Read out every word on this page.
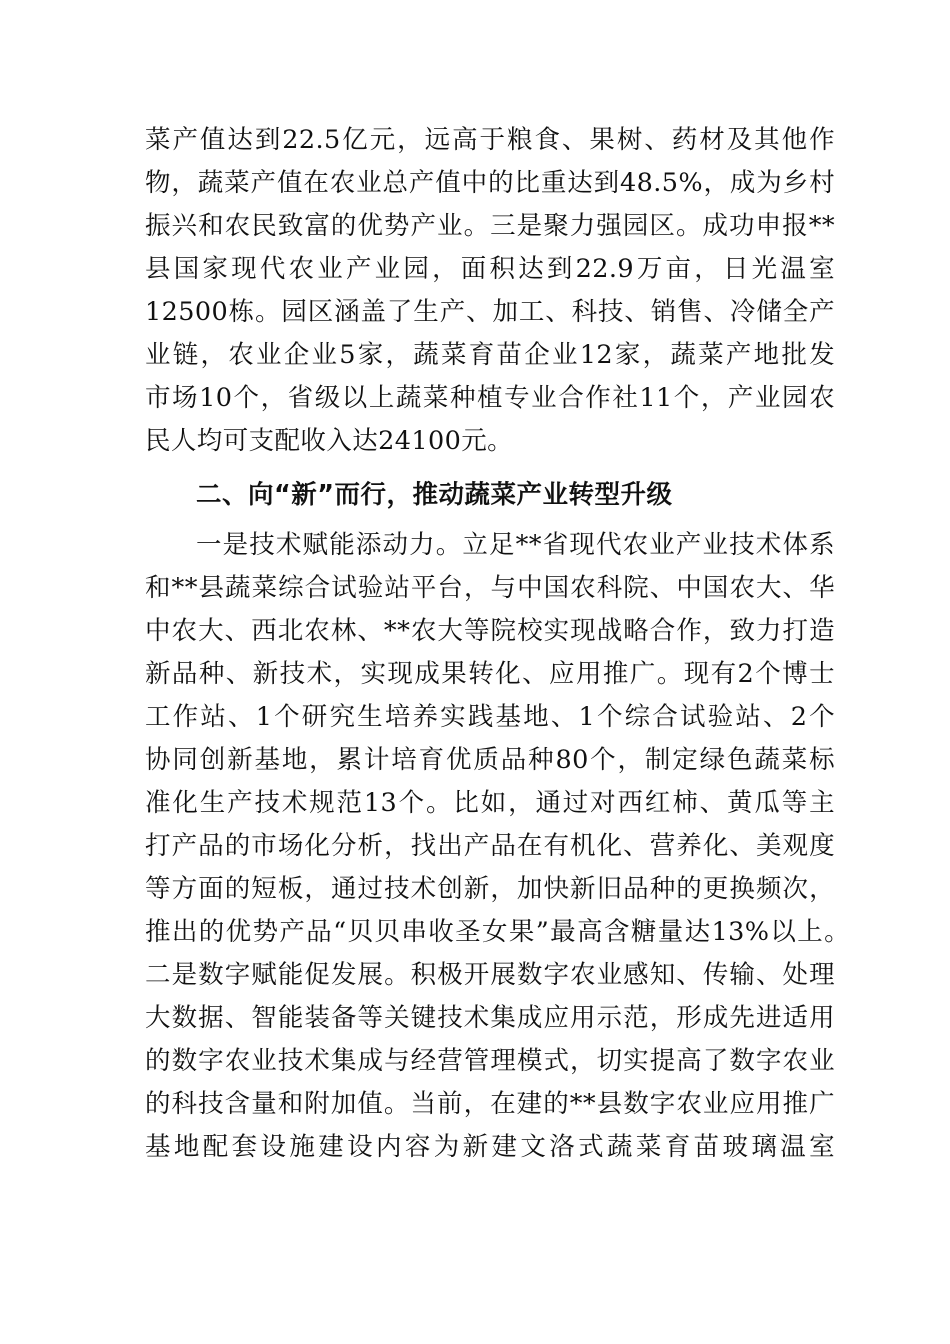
菜产值达到22.5亿元，远高于粮食、果树、药材及其他作
物，蔬菜产值在农业总产值中的比重达到48.5%，成为乡村
振兴和农民致富的优势产业。三是聚力强园区。成功申报**
县国家现代农业产业园，面积达到22.9万亩，日光温室
12500栋。园区涵盖了生产、加工、科技、销售、冷储全产
业链，农业企业5家，蔬菜育苗企业12家，蔬菜产地批发
市场10个，省级以上蔬菜种植专业合作社11个，产业园农
民人均可支配收入达24100元。
二、向“新”而行，推动蔬菜产业转型升级
一是技术赋能添动力。立足**省现代农业产业技术体系
和**县蔬菜综合试验站平台，与中国农科院、中国农大、华
中农大、西北农林、**农大等院校实现战略合作，致力打造
新品种、新技术，实现成果转化、应用推广。现有2个博士
工作站、1个研究生培养实践基地、1个综合试验站、2个
协同创新基地，累计培育优质品种80个，制定绿色蔬菜标
准化生产技术规范13个。比如，通过对西红柿、黄瓜等主
打产品的市场化分析，找出产品在有机化、营养化、美观度
等方面的短板，通过技术创新，加快新旧品种的更换频次，
推出的优势产品“贝贝串收圣女果”最高含糖量达13%以上。
二是数字赋能促发展。积极开展数字农业感知、传输、处理
大数据、智能装备等关键技术集成应用示范，形成先进适用
的数字农业技术集成与经营管理模式，切实提高了数字农业
的科技含量和附加值。当前，在建的**县数字农业应用推广
基地配套设施建设内容为新建文洛式蔬菜育苗玻璃温室
